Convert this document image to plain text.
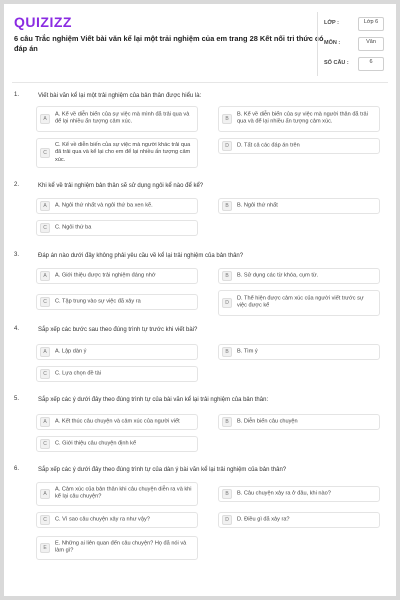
QUIZIZZ
6 câu Trắc nghiệm Viết bài văn kể lại một trải nghiệm của em trang 28 Kết nối tri thức có đáp án
LỚP :	Lớp 6
MÔN :	Văn
SỐ CÂU :	6
1.	Viết bài văn kể lại một trải nghiệm của bản thân được hiểu là:
A
A. Kể về diễn biến của sự việc mà mình đã trải qua và để lại nhiều ấn tượng cảm xúc.	B
B. Kể về diễn biến của sự việc mà người thân đã trải qua và để lại nhiều ấn tượng cảm xúc.
C
C. Kể về diễn biến của sự việc mà người khác trải qua đã trải qua và kể lại cho em để lại nhiều ấn tượng cảm xúc.
D	D. Tất cả các đáp án trên
2.	Khi kể về trải nghiệm bản thân sẽ sử dụng ngôi kể nào để kể?
A	A. Ngôi thứ nhất và ngôi thứ ba xen kẽ.	B	B. Ngôi thứ nhất
C	C. Ngôi thứ ba
3.	Đáp án nào dưới đây không phải yêu cầu về kể lại trải nghiệm của bản thân?
A	A. Giới thiệu được trải nghiệm đáng nhớ	B	B. Sử dụng các từ khóa, cụm từ.
C	C. Tập trung vào sự việc đã xảy ra	D
D. Thể hiện được cảm xúc của người viết trước sự việc được kể
4.	Sắp xếp các bước sau theo đúng trình tự trước khi viết bài?
A	A. Lập dàn ý	B	B. Tìm ý
C	C. Lựa chọn đề tài
5.	Sắp xếp các ý dưới đây theo đúng trình tự của bài văn kể lại trải nghiệm của bản thân:
A	A. Kết thúc câu chuyện và cảm xúc của người viết	B	B. Diễn biến câu chuyện
C	C. Giới thiệu câu chuyện định kể
6.	Sắp xếp các ý dưới đây theo đúng trình tự của dàn ý bài văn kể lại trải nghiệm của bản thân?
A
A. Cảm xúc của bản thân khi câu chuyện diễn ra và khi kể lại câu chuyện?	B	B. Câu chuyện xảy ra ở đâu, khi nào?
C	C. Vì sao câu chuyện xảy ra như vậy?	D	D. Điều gì đã xảy ra?
E
E. Những ai liên quan đến câu chuyện? Họ đã nói và làm gì?
